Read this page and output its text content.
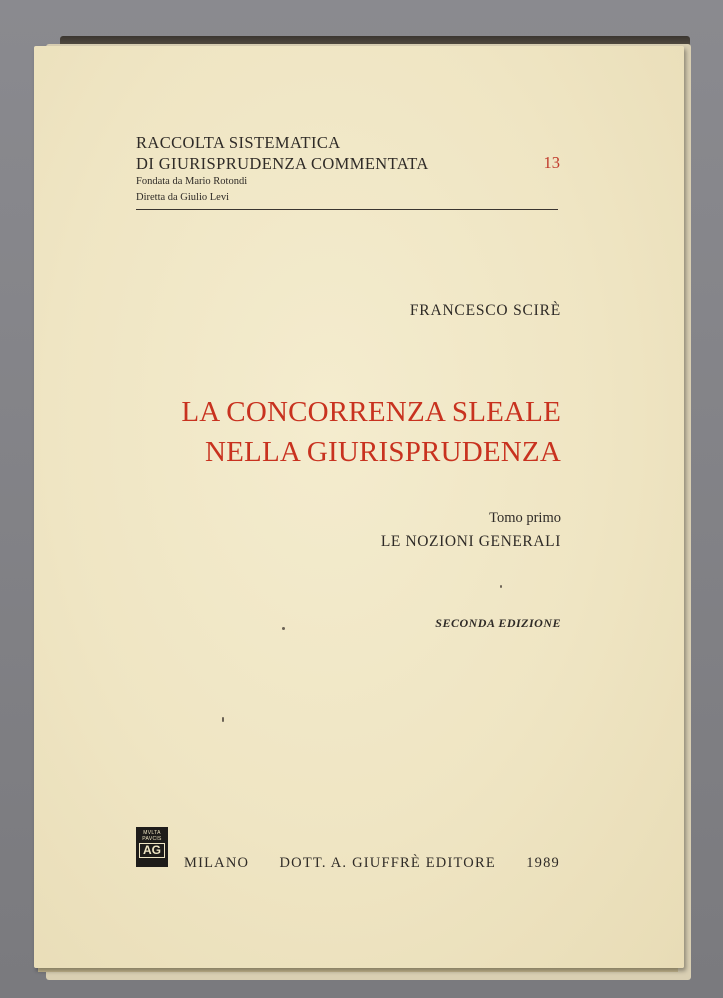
RACCOLTA SISTEMATICA
DI GIURISPRUDENZA COMMENTATA	13
Fondata da Mario Rotondi
Diretta da Giulio Levi
FRANCESCO SCIRÈ
LA CONCORRENZA SLEALE
NELLA GIURISPRUDENZA
Tomo primo
LE NOZIONI GENERALI
SECONDA EDIZIONE
MVLTA
PAVCIS
AG
MILANO DOTT. A. GIUFFRÈ EDITORE 1989
